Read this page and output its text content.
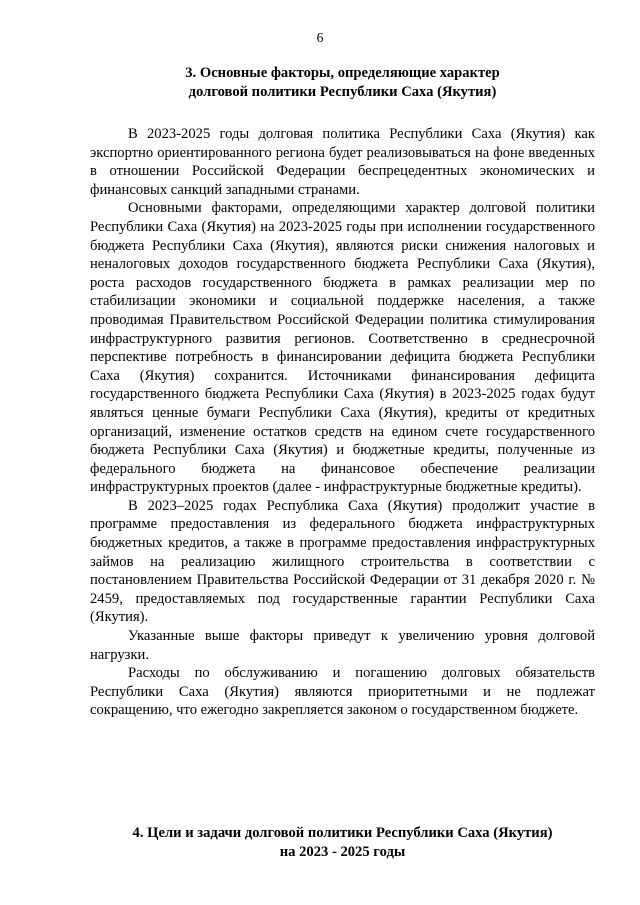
6
3. Основные факторы, определяющие характер
долговой политики Республики Саха (Якутия)

В 2023-2025 годы долговая политика Республики Саха (Якутия) как экспортно ориентированного региона будет реализовываться на фоне введенных в отношении Российской Федерации беспрецедентных экономических и финансовых санкций западными странами.

Основными факторами, определяющими характер долговой политики Республики Саха (Якутия) на 2023-2025 годы при исполнении государственного бюджета Республики Саха (Якутия), являются риски снижения налоговых и неналоговых доходов государственного бюджета Республики Саха (Якутия), роста расходов государственного бюджета в рамках реализации мер по стабилизации экономики и социальной поддержке населения, а также проводимая Правительством Российской Федерации политика стимулирования инфраструктурного развития регионов. Соответственно в среднесрочной перспективе потребность в финансировании дефицита бюджета Республики Саха (Якутия) сохранится. Источниками финансирования дефицита государственного бюджета Республики Саха (Якутия) в 2023-2025 годах будут являться ценные бумаги Республики Саха (Якутия), кредиты от кредитных организаций, изменение остатков средств на едином счете государственного бюджета Республики Саха (Якутия) и бюджетные кредиты, полученные из федерального бюджета на финансовое обеспечение реализации инфраструктурных проектов (далее - инфраструктурные бюджетные кредиты).

В 2023–2025 годах Республика Саха (Якутия) продолжит участие в программе предоставления из федерального бюджета инфраструктурных бюджетных кредитов, а также в программе предоставления инфраструктурных займов на реализацию жилищного строительства в соответствии с постановлением Правительства Российской Федерации от 31 декабря 2020 г. № 2459, предоставляемых под государственные гарантии Республики Саха (Якутия).

Указанные выше факторы приведут к увеличению уровня долговой нагрузки.

Расходы по обслуживанию и погашению долговых обязательств Республики Саха (Якутия) являются приоритетными и не подлежат сокращению, что ежегодно закрепляется законом о государственном бюджете.

4. Цели и задачи долговой политики Республики Саха (Якутия)
на 2023 - 2025 годы
